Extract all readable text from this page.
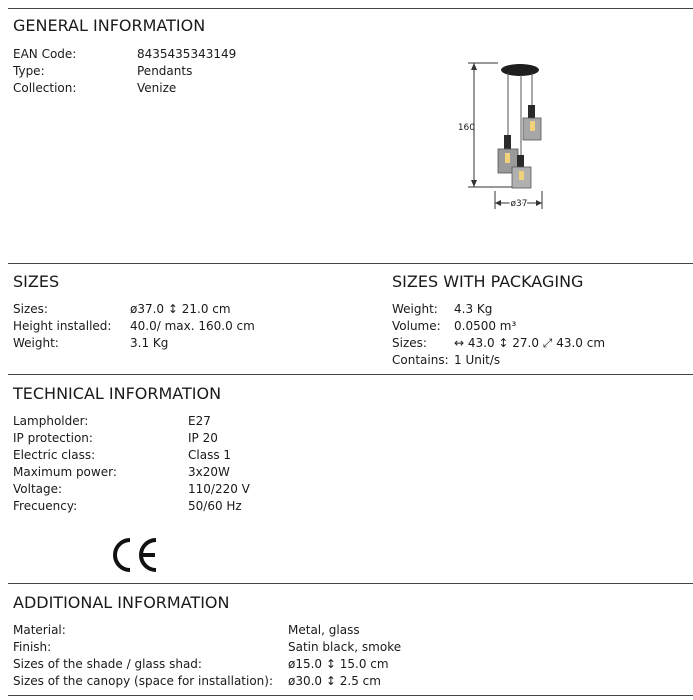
GENERAL INFORMATION
EAN Code:	8435435343149
Type:	Pendants
Collection:	Venize
160
ø37
SIZES
Sizes:	ø37.0 ↕ 21.0 cm
Height installed: 40.0/ max. 160.0 cm
Weight:	3.1 Kg
SIZES WITH PACKAGING
Weight: 4.3 Kg
Volume: 0.0500 m³
Sizes: ↔ 43.0 ↕ 27.0 ⤢ 43.0 cm
Contains: 1 Unit/s
TECHNICAL INFORMATION
Lampholder:	E27
IP protection:	IP 20
Electric class:	Class 1
Maximum power:	3x20W
Voltage:	110/220 V
Frecuency:	50/60 Hz
ADDITIONAL INFORMATION
Material:	Metal, glass
Finish:	Satin black, smoke
Sizes of the shade / glass shad:	ø15.0 ↕ 15.0 cm
Sizes of the canopy (space for installation): ø30.0 ↕ 2.5 cm
